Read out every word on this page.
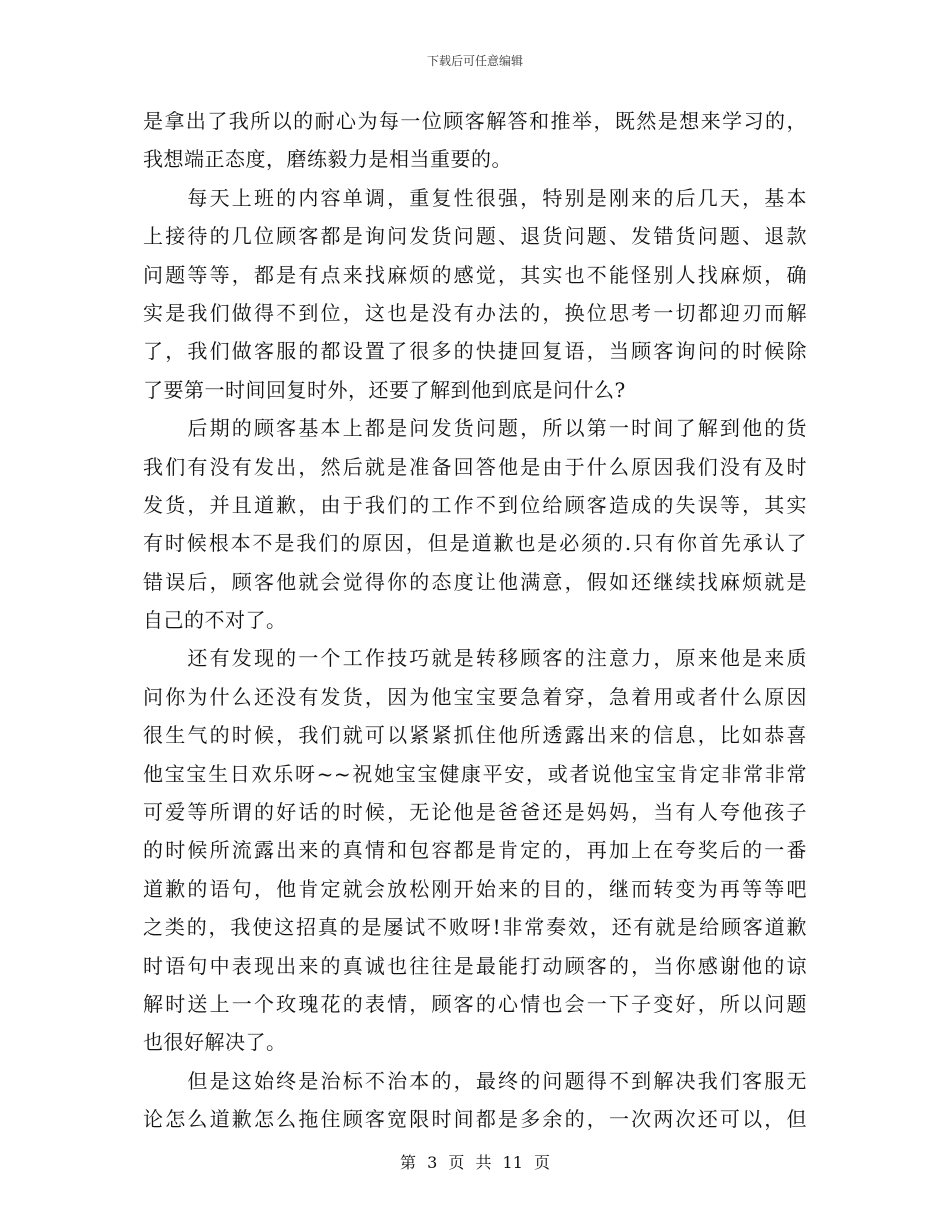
下载后可任意编辑
是拿出了我所以的耐心为每一位顾客解答和推举，既然是想来学习的，
我想端正态度，磨练毅力是相当重要的。
　　每天上班的内容单调，重复性很强，特别是刚来的后几天，基本
上接待的几位顾客都是询问发货问题、退货问题、发错货问题、退款
问题等等，都是有点来找麻烦的感觉，其实也不能怪别人找麻烦，确
实是我们做得不到位，这也是没有办法的，换位思考一切都迎刃而解
了，我们做客服的都设置了很多的快捷回复语，当顾客询问的时候除
了要第一时间回复时外，还要了解到他到底是问什么?
　　后期的顾客基本上都是问发货问题，所以第一时间了解到他的货
我们有没有发出，然后就是准备回答他是由于什么原因我们没有及时
发货，并且道歉，由于我们的工作不到位给顾客造成的失误等，其实
有时候根本不是我们的原因，但是道歉也是必须的.只有你首先承认了
错误后，顾客他就会觉得你的态度让他满意，假如还继续找麻烦就是
自己的不对了。
　　还有发现的一个工作技巧就是转移顾客的注意力，原来他是来质
问你为什么还没有发货，因为他宝宝要急着穿，急着用或者什么原因
很生气的时候，我们就可以紧紧抓住他所透露出来的信息，比如恭喜
他宝宝生日欢乐呀~~祝她宝宝健康平安，或者说他宝宝肯定非常非常
可爱等所谓的好话的时候，无论他是爸爸还是妈妈，当有人夸他孩子
的时候所流露出来的真情和包容都是肯定的，再加上在夸奖后的一番
道歉的语句，他肯定就会放松刚开始来的目的，继而转变为再等等吧
之类的，我使这招真的是屡试不败呀!非常奏效，还有就是给顾客道歉
时语句中表现出来的真诚也往往是最能打动顾客的，当你感谢他的谅
解时送上一个玫瑰花的表情，顾客的心情也会一下子变好，所以问题
也很好解决了。
　　但是这始终是治标不治本的，最终的问题得不到解决我们客服无
论怎么道歉怎么拖住顾客宽限时间都是多余的，一次两次还可以，但
第 3 页 共 11 页
